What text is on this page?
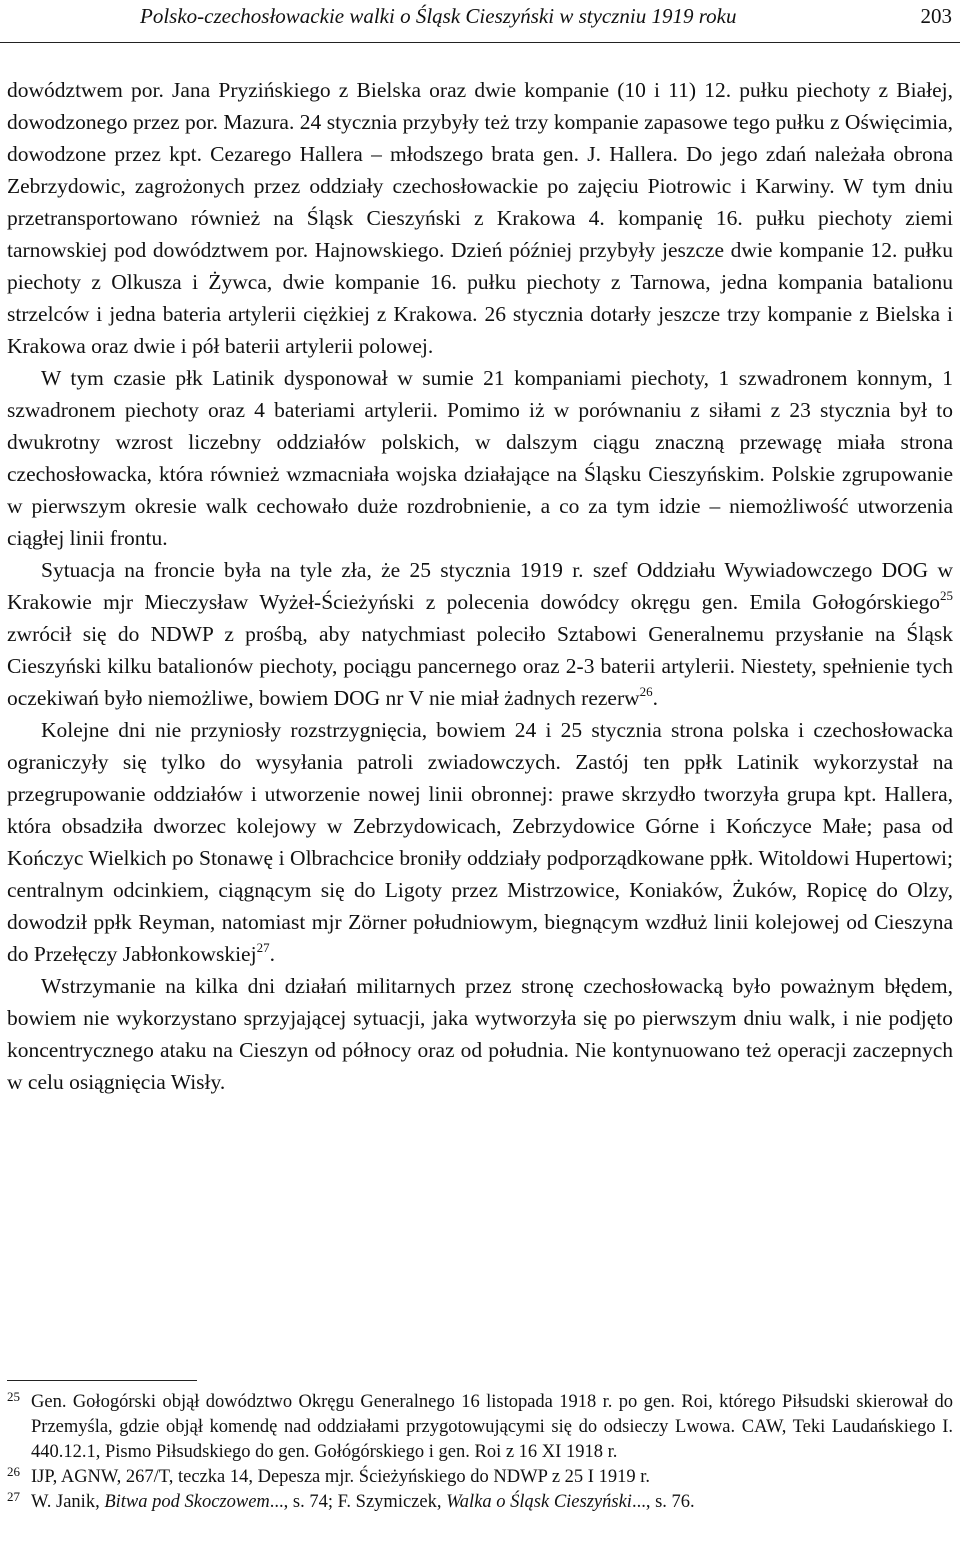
Polsko-czechosłowackie walki o Śląsk Cieszyński w styczniu 1919 roku	203

dowództwem por. Jana Pryzińskiego z Bielska oraz dwie kompanie (10 i 11) 12. pułku piechoty z Białej, dowodzonego przez por. Mazura. 24 stycznia przybyły też trzy kompanie zapasowe tego pułku z Oświęcimia, dowodzone przez kpt. Cezarego Hallera – młodszego brata gen. J. Hallera. Do jego zdań należała obrona Zebrzydowic, zagrożonych przez oddziały czechosłowackie po zajęciu Piotrowic i Karwiny. W tym dniu przetransportowano również na Śląsk Cieszyński z Krakowa 4. kompanię 16. pułku piechoty ziemi tarnowskiej pod dowództwem por. Hajnowskiego. Dzień później przybyły jeszcze dwie kompanie 12. pułku piechoty z Olkusza i Żywca, dwie kompanie 16. pułku piechoty z Tarnowa, jedna kompania batalionu strzelców i jedna bateria artylerii ciężkiej z Krakowa. 26 stycznia dotarły jeszcze trzy kompanie z Bielska i Krakowa oraz dwie i pół baterii artylerii polowej.

W tym czasie płk Latinik dysponował w sumie 21 kompaniami piechoty, 1 szwadronem konnym, 1 szwadronem piechoty oraz 4 bateriami artylerii. Pomimo iż w porównaniu z siłami z 23 stycznia był to dwukrotny wzrost liczebny oddziałów polskich, w dalszym ciągu znaczną przewagę miała strona czechosłowacka, która również wzmacniała wojska działające na Śląsku Cieszyńskim. Polskie zgrupowanie w pierwszym okresie walk cechowało duże rozdrobnienie, a co za tym idzie – niemożliwość utworzenia ciągłej linii frontu.

Sytuacja na froncie była na tyle zła, że 25 stycznia 1919 r. szef Oddziału Wywiadowczego DOG w Krakowie mjr Mieczysław Wyżeł-Ścieżyński z polecenia dowódcy okręgu gen. Emila Gołogórskiego$^{25}$ zwrócił się do NDWP z prośbą, aby natychmiast poleciło Sztabowi Generalnemu przysłanie na Śląsk Cieszyński kilku batalionów piechoty, pociągu pancernego oraz 2-3 baterii artylerii. Niestety, spełnienie tych oczekiwań było niemożliwe, bowiem DOG nr V nie miał żadnych rezerw$^{26}$.

Kolejne dni nie przyniosły rozstrzygnięcia, bowiem 24 i 25 stycznia strona polska i czechosłowacka ograniczyły się tylko do wysyłania patroli zwiadowczych. Zastój ten ppłk Latinik wykorzystał na przegrupowanie oddziałów i utworzenie nowej linii obronnej: prawe skrzydło tworzyła grupa kpt. Hallera, która obsadziła dworzec kolejowy w Zebrzydowicach, Zebrzydowice Górne i Kończyce Małe; pasa od Kończyc Wielkich po Stonawę i Olbrachcice broniły oddziały podporządkowane ppłk. Witoldowi Hupertowi; centralnym odcinkiem, ciągnącym się do Ligoty przez Mistrzowice, Koniaków, Żuków, Ropicę do Olzy, dowodził ppłk Reyman, natomiast mjr Zörner południowym, biegnącym wzdłuż linii kolejowej od Cieszyna do Przełęczy Jabłonkowskiej$^{27}$.

Wstrzymanie na kilka dni działań militarnych przez stronę czechosłowacką było poważnym błędem, bowiem nie wykorzystano sprzyjającej sytuacji, jaka wytworzyła się po pierwszym dniu walk, i nie podjęto koncentrycznego ataku na Cieszyn od północy oraz od południa. Nie kontynuowano też operacji zaczepnych w celu osiągnięcia Wisły.

25 Gen. Gołogórski objął dowództwo Okręgu Generalnego 16 listopada 1918 r. po gen. Roi, którego Piłsudski skierował do Przemyśla, gdzie objął komendę nad oddziałami przygotowującymi się do odsieczy Lwowa. CAW, Teki Laudańskiego I. 440.12.1, Pismo Piłsudskiego do gen. Gołógórskiego i gen. Roi z 16 XI 1918 r.

26 IJP, AGNW, 267/T, teczka 14, Depesza mjr. Ścieżyńskiego do NDWP z 25 I 1919 r.

27 W. Janik, Bitwa pod Skoczowem..., s. 74; F. Szymiczek, Walka o Śląsk Cieszyński..., s. 76.
